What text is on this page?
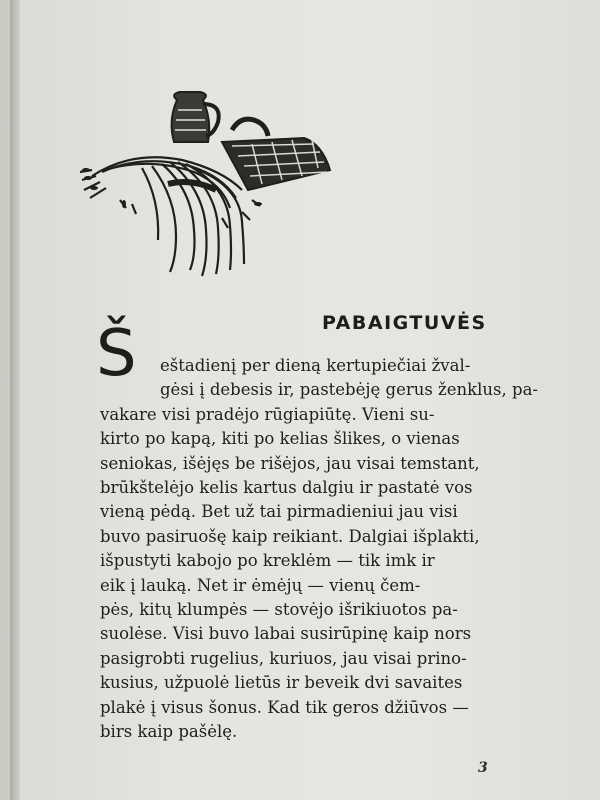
PABAIGTUVĖS
Š eštadienį per dieną kertupiečiai žval-
gėsi į debesis ir, pastebėję gerus ženklus, pa-
vakare visi pradėjo rūgiapiūtę. Vieni su-
kirto po kapą, kiti po kelias šlikes, o vienas
seniokas, išėjęs be rišėjos, jau visai temstant,
brūkštelėjo kelis kartus dalgiu ir pastatė vos
vieną pėdą. Bet už tai pirmadieniui jau visi
buvo pasiruošę kaip reikiant. Dalgiai išplakti,
išpustyti kabojo po kreklėm — tik imk ir
eik į lauką. Net ir ėmėjų — vienų čem-
pės, kitų klumpės — stovėjo išrikiuotos pa-
suolėse. Visi buvo labai susirūpinę kaip nors
pasigrobti rugelius, kuriuos, jau visai prino-
kusius, užpuolė lietūs ir beveik dvi savaites
plakė į visus šonus. Kad tik geros džiūvos —
birs kaip pašėlę.
3
